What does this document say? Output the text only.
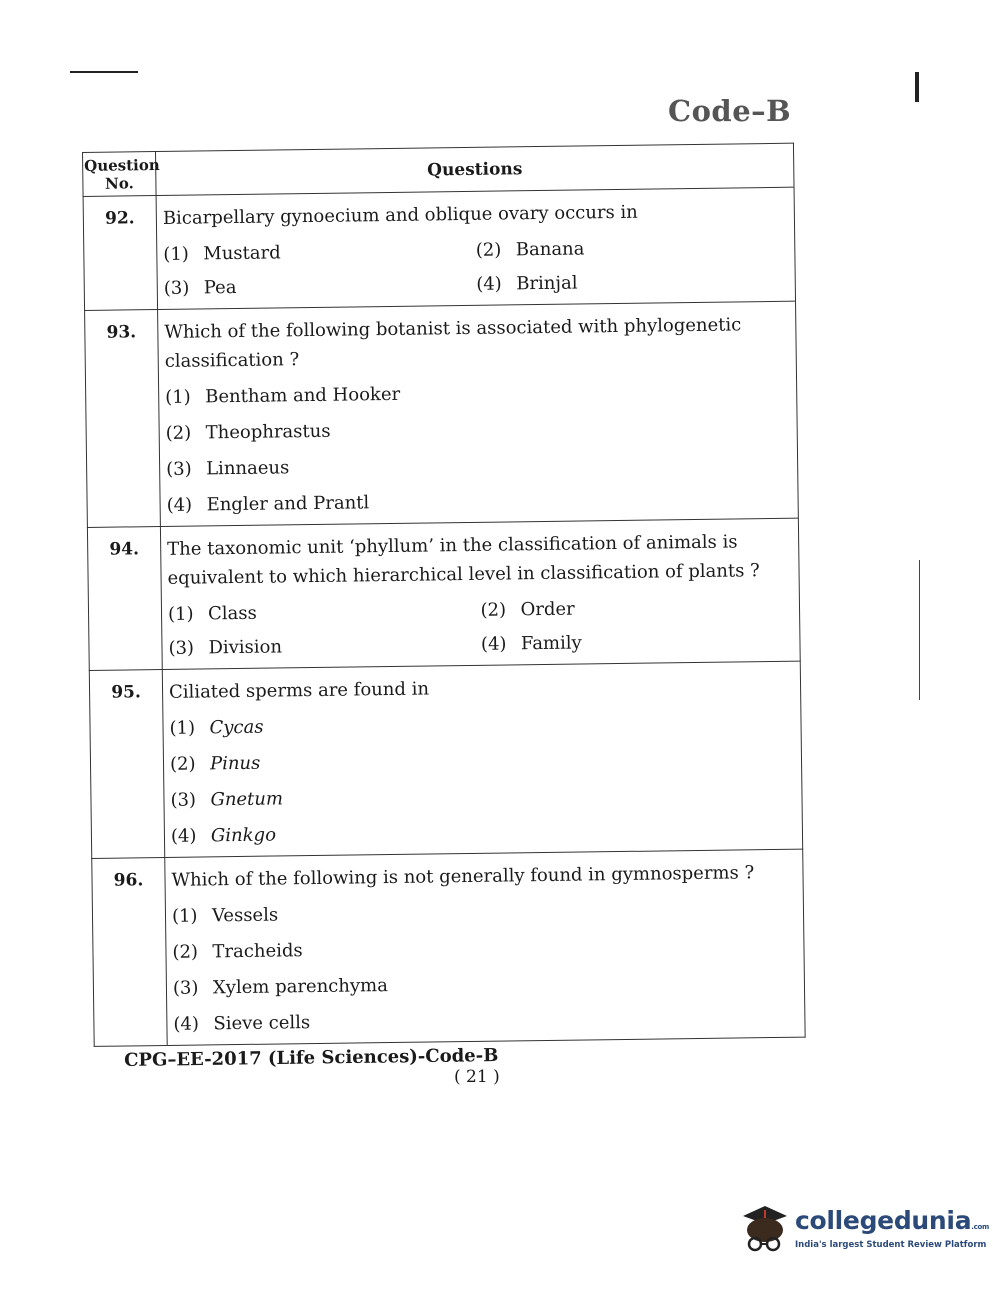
Code–B
Question No.	Questions
92.	Bicarpellary gynoecium and oblique ovary occurs in
(1) Mustard (2) Banana
(3) Pea (4) Brinjal

93.	Which of the following botanist is associated with phylogenetic classification ?
(1) Bentham and Hooker
(2) Theophrastus
(3) Linnaeus
(4) Engler and Prantl

94.	The taxonomic unit ‘phyllum’ in the classification of animals is equivalent to which hierarchical level in classification of plants ?
(1) Class (2) Order
(3) Division (4) Family

95.	Ciliated sperms are found in
(1) Cycas
(2) Pinus
(3) Gnetum
(4) Ginkgo

96.	Which of the following is not generally found in gymnosperms ?
(1) Vessels
(2) Tracheids
(3) Xylem parenchyma
(4) Sieve cells
CPG–EE-2017 (Life Sciences)-Code-B
( 21 )
collegedunia.com
India's largest Student Review Platform
